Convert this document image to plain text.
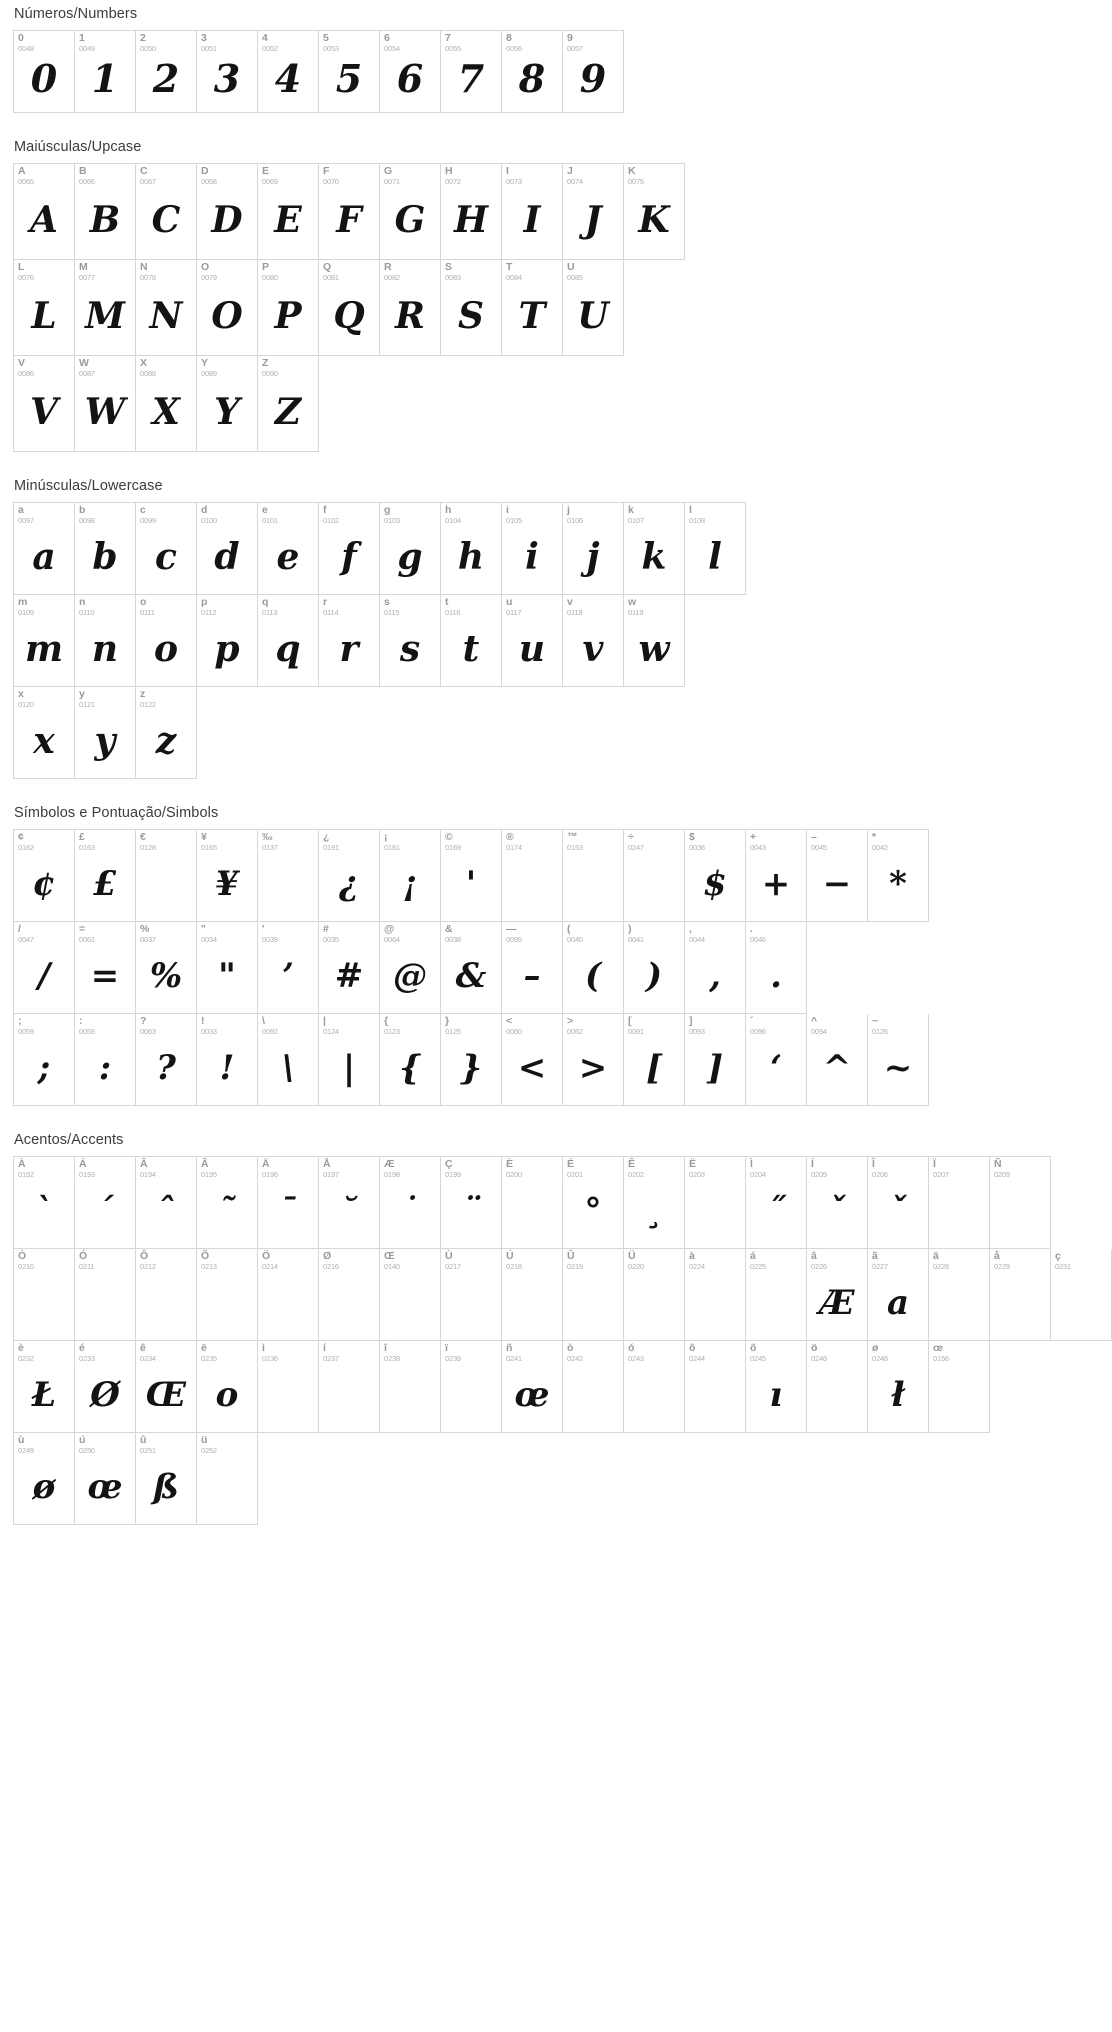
Números/Numbers
0
0048
0
1
0049
1
2
0050
2
3
0051
3
4
0052
4
5
0053
5
6
0054
6
7
0055
7
8
0056
8
9
0057
9
Maiúsculas/Upcase
A
0065
A
B
0066
B
C
0067
C
D
0068
D
E
0069
E
F
0070
F
G
0071
G
H
0072
H
I
0073
I
J
0074
J
K
0075
K
L
0076
L
M
0077
M
N
0078
N
O
0079
O
P
0080
P
Q
0081
Q
R
0082
R
S
0083
S
T
0084
T
U
0085
U
V
0086
V
W
0087
W
X
0088
X
Y
0089
Y
Z
0090
Z
Minúsculas/Lowercase
a
0097
a
b
0098
b
c
0099
c
d
0100
d
e
0101
e
f
0102
f
g
0103
g
h
0104
h
i
0105
i
j
0106
j
k
0107
k
l
0108
l
m
0109
m
n
0110
n
o
0111
o
p
0112
p
q
0113
q
r
0114
r
s
0115
s
t
0116
t
u
0117
u
v
0118
v
w
0119
w
x
0120
x
y
0121
y
z
0122
z
Símbolos e Pontuação/Simbols
¢
0162
¢
£
0163
£
€
0128
¥
0165
¥
‰
0137
¿
0191
¿
¡
0161
¡
©
0169
'
®
0174
™
0153
÷
0247
$
0036
$
+
0043
+
–
0045
−
*
0042
*
/
0047
/
=
0061
=
%
0037
%
"
0034
"
'
0039
’
#
0035
#
@
0064
@
&
0038
&
—
0095
–
(
0040
(
)
0041
)
,
0044
,
.
0046
.
;
0059
;
:
0058
:
?
0063
?
!
0033
!
\
0092
\
|
0124
|
{
0123
{
}
0125
}
<
0060
<
>
0062
>
[
0091
[
]
0093
]
´
0096
‘
^
0094
^
~
0126
~
Acentos/Accents
À
0192
`
Á
0193
´
Â
0194
ˆ
Ã
0195
˜
Ä
0196
¯
Å
0197
˘
Æ
0198
˙
Ç
0199
¨
È
0200
É
0201
°
Ê
0202
¸
Ë
0203
Ì
0204
˝
Í
0205
ˇ
Î
0206
ˇ
Ï
0207
Ñ
0209
Ò
0210
Ó
0211
Ô
0212
Õ
0213
Ö
0214
Ø
0216
Œ
0140
Ù
0217
Ú
0218
Û
0219
Ü
0220
à
0224
á
0225
â
0226
Æ
ã
0227
a
ä
0228
å
0229
ç
0231
è
0232
Ł
é
0233
Ø
ê
0234
Œ
ë
0235
o
ì
0236
í
0237
î
0238
ï
0239
ñ
0241
œ
ò
0242
ó
0243
ô
0244
õ
0245
ı
ö
0246
ø
0248
ł
œ
0156
ù
0249
ø
ú
0250
œ
û
0251
ß
ü
0252
